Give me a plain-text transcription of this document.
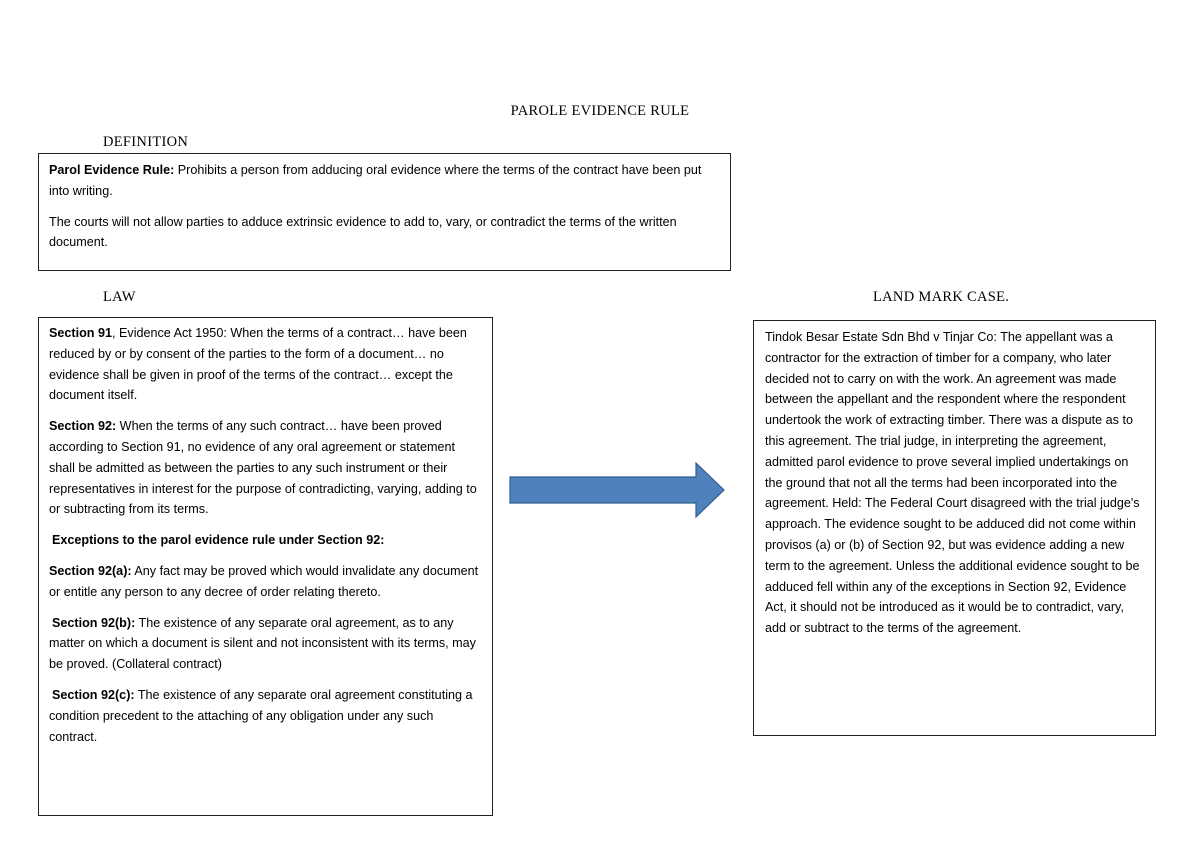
PAROLE EVIDENCE RULE
DEFINITION
LAW	LAND MARK CASE.

Parol Evidence Rule: Prohibits a person from adducing oral evidence where the terms of the contract have been put into writing.

The courts will not allow parties to adduce extrinsic evidence to add to, vary, or contradict the terms of the written document.

Section 91, Evidence Act 1950: When the terms of a contract… have been reduced by or by consent of the parties to the form of a document… no evidence shall be given in proof of the terms of the contract… except the document itself.

Section 92: When the terms of any such contract… have been proved according to Section 91, no evidence of any oral agreement or statement shall be admitted as between the parties to any such instrument or their representatives in interest for the purpose of contradicting, varying, adding to or subtracting from its terms.

Exceptions to the parol evidence rule under Section 92:

Section 92(a): Any fact may be proved which would invalidate any document or entitle any person to any decree of order relating thereto.

Section 92(b): The existence of any separate oral agreement, as to any matter on which a document is silent and not inconsistent with its terms, may be proved. (Collateral contract)

Section 92(c): The existence of any separate oral agreement constituting a condition precedent to the attaching of any obligation under any such contract.

Tindok Besar Estate Sdn Bhd v Tinjar Co: The appellant was a contractor for the extraction of timber for a company, who later decided not to carry on with the work. An agreement was made between the appellant and the respondent where the respondent undertook the work of extracting timber. There was a dispute as to this agreement. The trial judge, in interpreting the agreement, admitted parol evidence to prove several implied undertakings on the ground that not all the terms had been incorporated into the agreement. Held: The Federal Court disagreed with the trial judge's approach. The evidence sought to be adduced did not come within provisos (a) or (b) of Section 92, but was evidence adding a new term to the agreement. Unless the additional evidence sought to be adduced fell within any of the exceptions in Section 92, Evidence Act, it should not be introduced as it would be to contradict, vary, add or subtract to the terms of the agreement.
